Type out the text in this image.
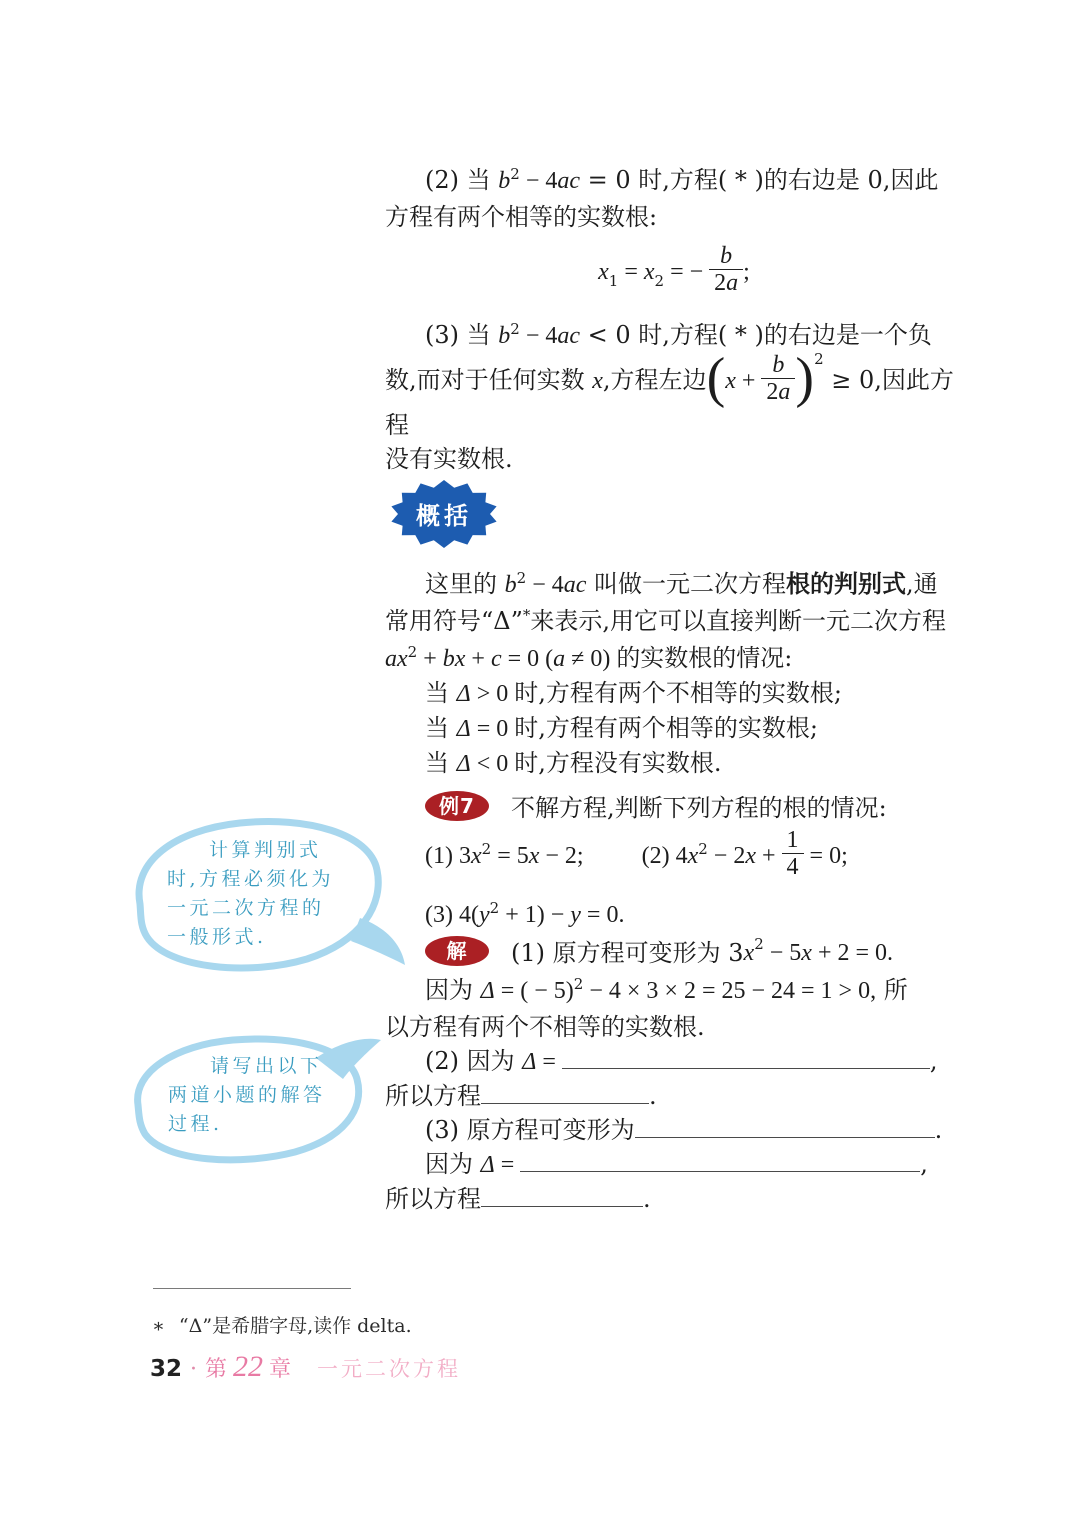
(2) 当 $b^2 - 4ac = 0$ 时,方程( * )的右边是 0,因此
方程有两个相等的实数根:
$x_1 = x_2$ = − $\frac{b}{2a}$ ;
(3) 当 $b^2 - 4ac < 0$ 时,方程( * )的右边是一个负
数,而对于任何实数 x,方程左边$(x + \frac{b}{2a} )^2 \ge 0$,因此方程
没有实数根.
这里的 $b^2 - 4ac$ 叫做一元二次方程根的判别式,通
常用符号“Δ”*来表示,用它可以直接判断一元二次方程
$ax^2$ + bx + c = 0 (a ≠ 0) 的实数根的情况:
当 Δ > 0 时,方程有两个不相等的实数根;
当 Δ = 0 时,方程有两个相等的实数根;
当 Δ < 0 时,方程没有实数根.
例7	不解方程,判断下列方程的根的情况:
(1) $3x^2 = 5x - 2$; (2) $4x^2 - 2x + \frac{1}{4} = 0$;
(3) $4(y^2 + 1) - y = 0$.
解	(1) 原方程可变形为 3 x 2 − 5 x + 2 = 0.
因为 Δ = ( − 5)$^2$ − 4 × 3 × 2 = 25 − 24 = 1 > 0, 所
以方程有两个不相等的实数根.
(2) 因为 Δ =	,
所以方程	.
(3) 原方程可变形为	.
因为 Δ =	,
所以方程	.
概括
计算判别式
时,方程必须化为
一元二次方程的
一般形式.
请写出以下
两道小题的解答
过程.
∗ “Δ”是希腊字母,读作 delta.
32 · 第 22 章 一元二次方程
